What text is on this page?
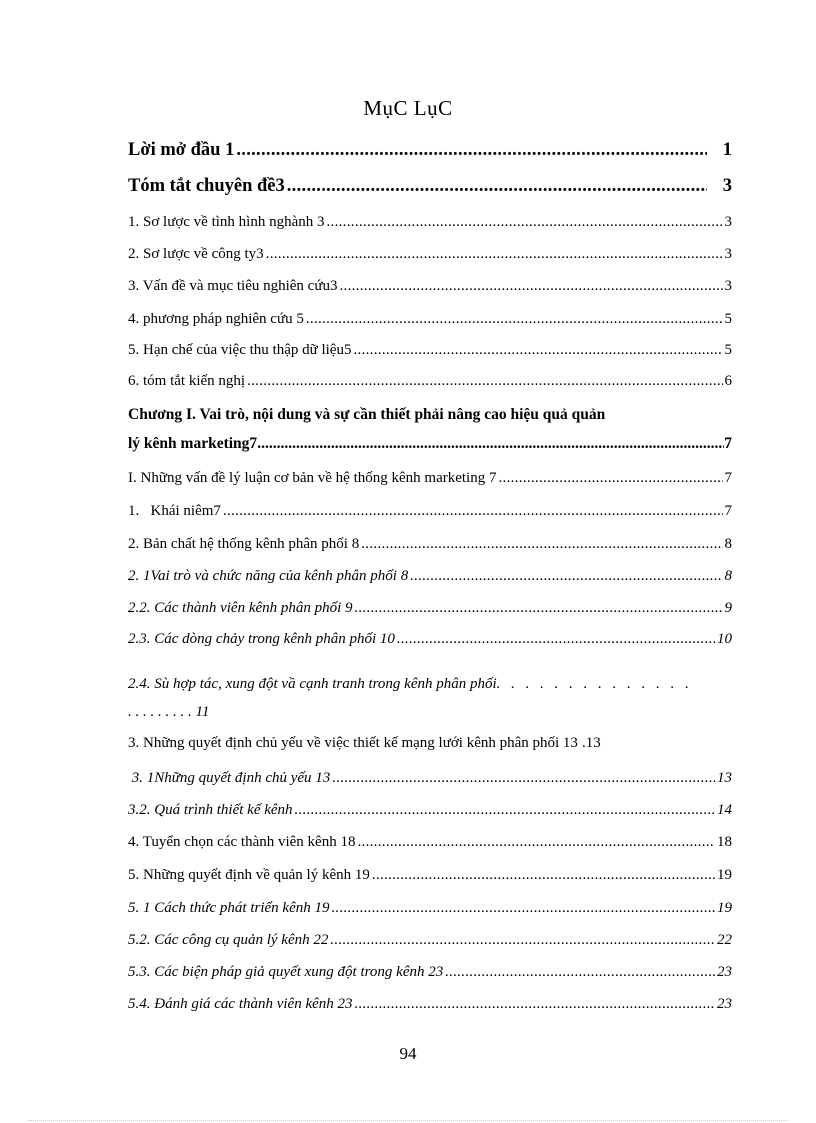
MụC LụC
Lời mở đầu 1 .....	1
Tóm tắt chuyên đề3 .....	3
1. Sơ lược về tình hình nghành 3 .....	3
2. Sơ lược về công ty3 .....	3
3. Vấn đề và mục tiêu nghiên cứu3 .....	3
4. phương pháp nghiên cứu 5 .....	5
5. Hạn chế của việc thu thập dữ liệu5 .....	5
6. tóm tắt kiến nghị .....	6
Chương I. Vai trò, nội dung và sự cần thiết phải nâng cao hiệu quả quản
lý kênh marketing7 .....	7
I. Những vấn đề lý luận cơ bản về hệ thống kênh marketing 7 .....	7
1.   Khái niêm7 .....	7
2. Bản chất hệ thống kênh phân phối 8 .....	8
2. 1Vai trò và chức năng của kênh phân phối 8 .....	8
2.2. Các thành viên kênh phân phối 9 .....	9
2.3. Các dòng chảy trong kênh phân phối 10 .....	10
2.4. Sù hợp tác, xung đột vầ cạnh tranh trong kênh phân phối. . . . . . . . . . . . . .
. . . . . . . . . 11
3. Những quyết định chủ yếu về việc thiết kế mạng lưới kênh phân phối 13 .13
3. 1Những quyết định chủ yếu 13 .....	13
3.2. Quá trình thiết kế kênh .....	14
4. Tuyển chọn các thành viên kênh 18 .....	18
5. Những quyết định về quản lý kênh 19 .....	19
5. 1 Cách thức phát triển kênh 19 .....	19
5.2. Các công cụ quản lý kênh 22 .....	22
5.3. Các biện pháp giả quyết xung đột trong kênh 23 .....	23
5.4. Đánh giá các thành viên kênh 23 .....	23
94
